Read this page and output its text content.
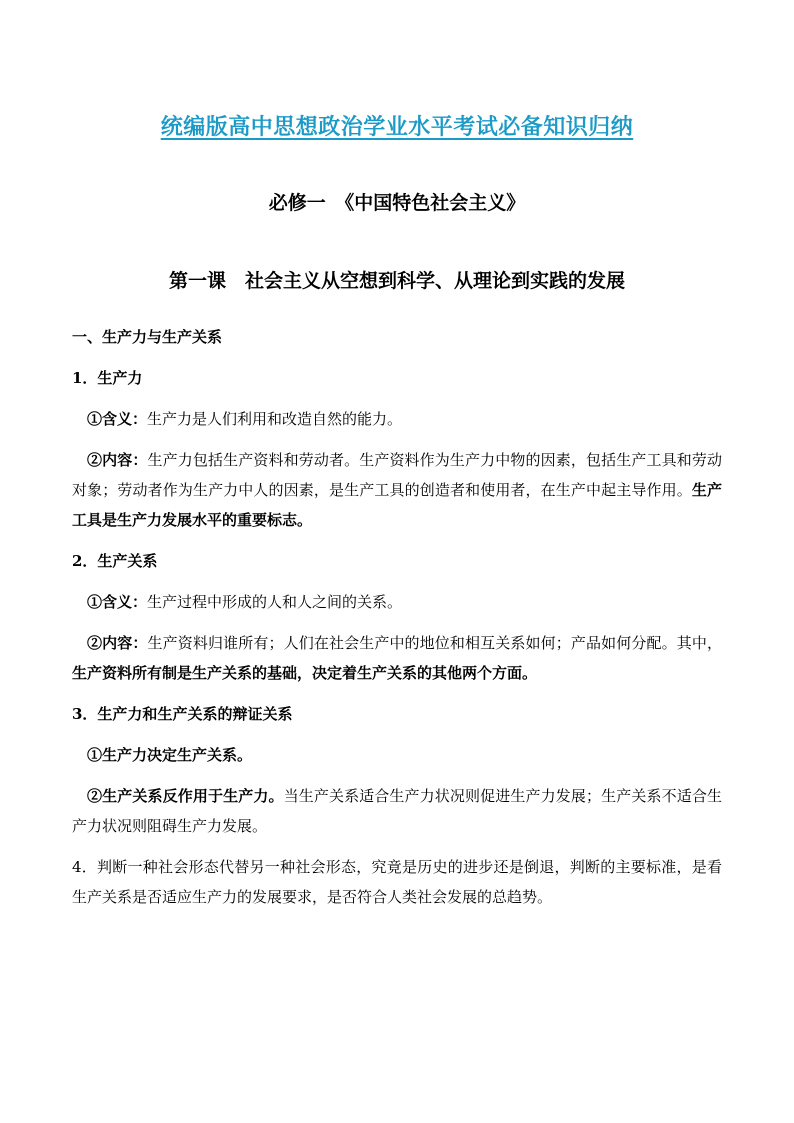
统编版高中思想政治学业水平考试必备知识归纳
必修一　《中国特色社会主义》
第一课　社会主义从空想到科学、从理论到实践的发展

一、生产力与生产关系

1．生产力

①含义：生产力是人们利用和改造自然的能力。

②内容：生产力包括生产资料和劳动者。生产资料作为生产力中物的因素，包括生产工具和劳动对象；劳动者作为生产力中人的因素，是生产工具的创造者和使用者，在生产中起主导作用。生产工具是生产力发展水平的重要标志。

2．生产关系

①含义：生产过程中形成的人和人之间的关系。

②内容：生产资料归谁所有；人们在社会生产中的地位和相互关系如何；产品如何分配。其中，生产资料所有制是生产关系的基础，决定着生产关系的其他两个方面。

3．生产力和生产关系的辩证关系

①生产力决定生产关系。

②生产关系反作用于生产力。当生产关系适合生产力状况则促进生产力发展；生产关系不适合生产力状况则阻碍生产力发展。

4．判断一种社会形态代替另一种社会形态，究竟是历史的进步还是倒退，判断的主要标准，是看生产关系是否适应生产力的发展要求，是否符合人类社会发展的总趋势。
